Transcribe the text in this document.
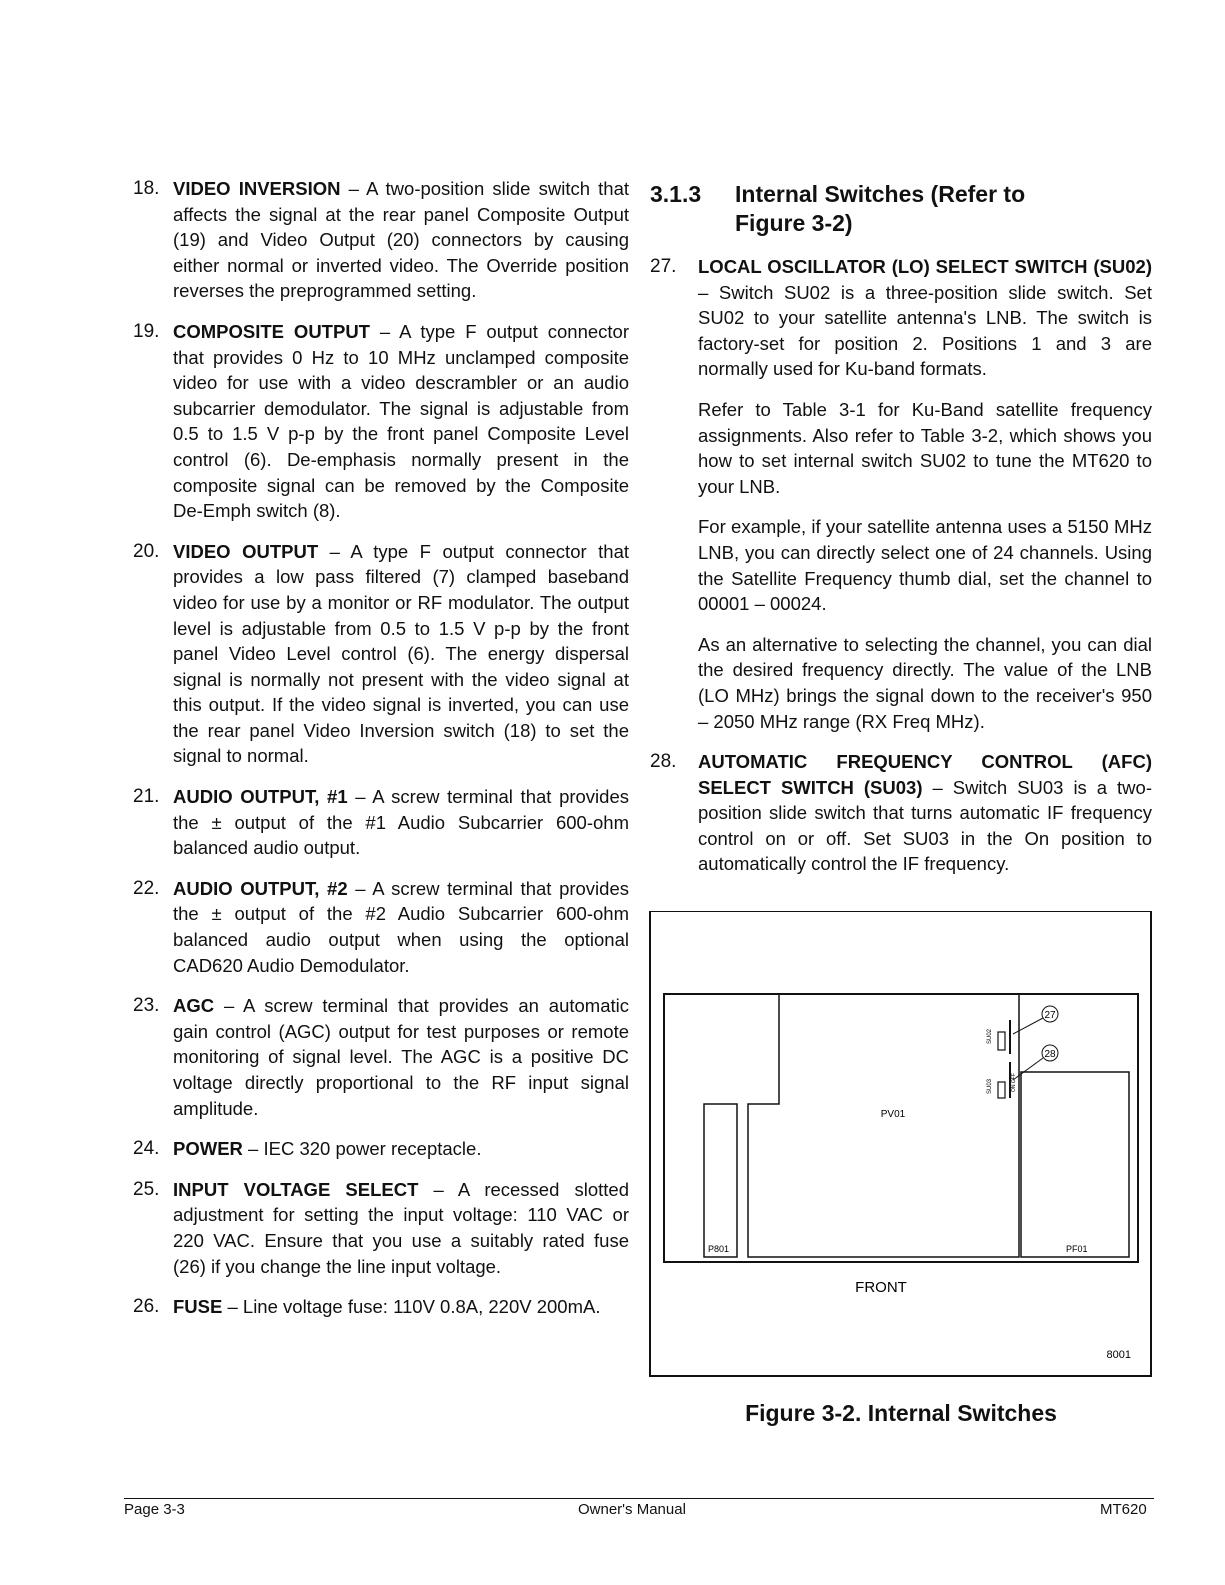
18. VIDEO INVERSION – A two-position slide switch that affects the signal at the rear panel Composite Output (19) and Video Output (20) connectors by causing either normal or inverted video. The Override position reverses the preprogrammed setting.
19. COMPOSITE OUTPUT – A type F output connector that provides 0 Hz to 10 MHz unclamped composite video for use with a video descrambler or an audio subcarrier demodulator. The signal is adjustable from 0.5 to 1.5 V p-p by the front panel Composite Level control (6). De-emphasis normally present in the composite signal can be removed by the Composite De-Emph switch (8).
20. VIDEO OUTPUT – A type F output connector that provides a low pass filtered (7) clamped baseband video for use by a monitor or RF modulator. The output level is adjustable from 0.5 to 1.5 V p-p by the front panel Video Level control (6). The energy dispersal signal is normally not present with the video signal at this output. If the video signal is inverted, you can use the rear panel Video Inversion switch (18) to set the signal to normal.
21. AUDIO OUTPUT, #1 – A screw terminal that provides the ± output of the #1 Audio Subcarrier 600-ohm balanced audio output.
22. AUDIO OUTPUT, #2 – A screw terminal that provides the ± output of the #2 Audio Subcarrier 600-ohm balanced audio output when using the optional CAD620 Audio Demodulator.
23. AGC – A screw terminal that provides an automatic gain control (AGC) output for test purposes or remote monitoring of signal level. The AGC is a positive DC voltage directly proportional to the RF input signal amplitude.
24. POWER – IEC 320 power receptacle.
25. INPUT VOLTAGE SELECT – A recessed slotted adjustment for setting the input voltage: 110 VAC or 220 VAC. Ensure that you use a suitably rated fuse (26) if you change the line input voltage.
26. FUSE – Line voltage fuse: 110V 0.8A, 220V 200mA.
3.1.3	Internal Switches (Refer to Figure 3-2)
27.	LOCAL OSCILLATOR (LO) SELECT SWITCH (SU02) – Switch SU02 is a three-position slide switch. Set SU02 to your satellite antenna's LNB. The switch is factory-set for position 2. Positions 1 and 3 are normally used for Ku-band formats.

Refer to Table 3-1 for Ku-Band satellite frequency assignments. Also refer to Table 3-2, which shows you how to set internal switch SU02 to tune the MT620 to your LNB.

For example, if your satellite antenna uses a 5150 MHz LNB, you can directly select one of 24 channels. Using the Satellite Frequency thumb dial, set the channel to 00001 – 00024.

As an alternative to selecting the channel, you can dial the desired frequency directly. The value of the LNB (LO MHz) brings the signal down to the receiver's 950 – 2050 MHz range (RX Freq MHz).

28.	AUTOMATIC FREQUENCY CONTROL (AFC) SELECT SWITCH (SU03) – Switch SU03 is a two-position slide switch that turns automatic IF frequency control on or off. Set SU03 in the On position to automatically control the IF frequency.
SU02
SU03	ON OFF
27
28
PV01
P801	PF01
FRONT
8001
Figure 3-2. Internal Switches
Page 3-3	Owner's Manual	MT620
